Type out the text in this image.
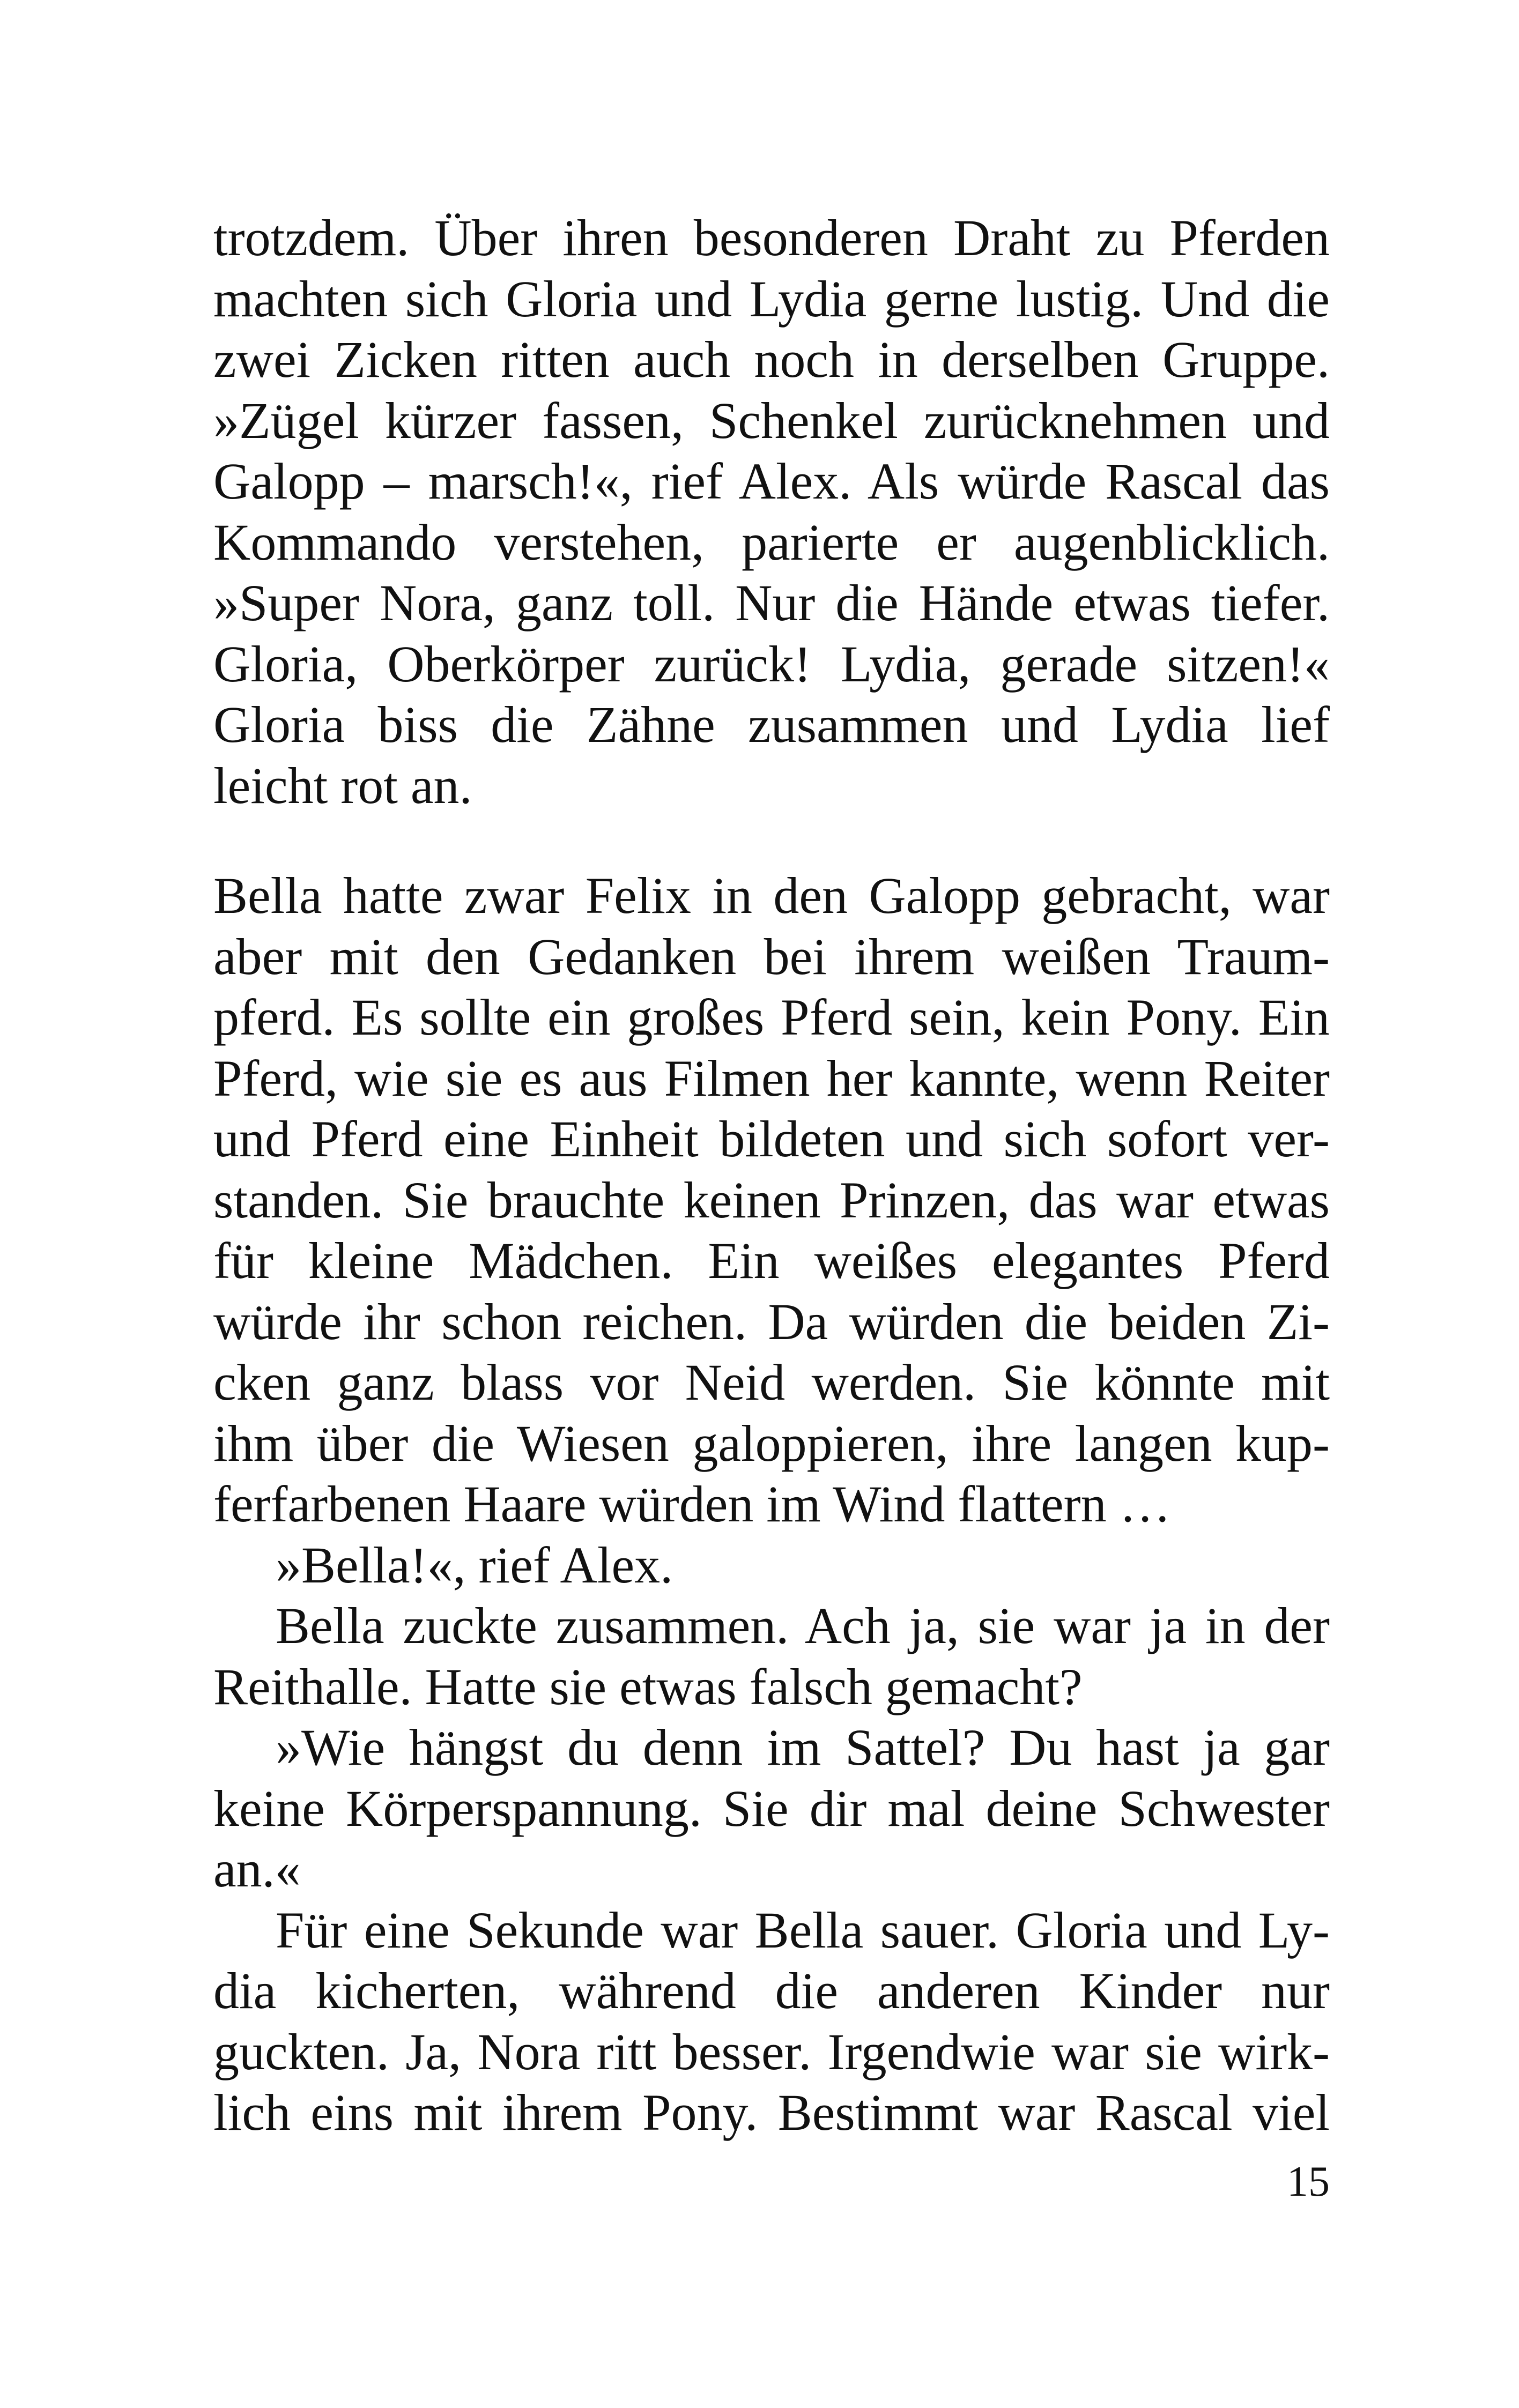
trotzdem. Über ihren besonderen Draht zu Pferden
machten sich Gloria und Lydia gerne lustig. Und die
zwei Zicken ritten auch noch in derselben Gruppe.
»Zügel kürzer fassen, Schenkel zurücknehmen und
Galopp – marsch!«, rief Alex. Als würde Rascal das
Kommando verstehen, parierte er augenblicklich.
»Super Nora, ganz toll. Nur die Hände etwas tiefer.
Gloria, Oberkörper zurück! Lydia, gerade sitzen!«
Gloria biss die Zähne zusammen und Lydia lief
leicht rot an.
Bella hatte zwar Felix in den Galopp gebracht, war
aber mit den Gedanken bei ihrem weißen Traum-
pferd. Es sollte ein großes Pferd sein, kein Pony. Ein
Pferd, wie sie es aus Filmen her kannte, wenn Reiter
und Pferd eine Einheit bildeten und sich sofort ver-
standen. Sie brauchte keinen Prinzen, das war etwas
für kleine Mädchen. Ein weißes elegantes Pferd
würde ihr schon reichen. Da würden die beiden Zi-
cken ganz blass vor Neid werden. Sie könnte mit
ihm über die Wiesen galoppieren, ihre langen kup-
ferfarbenen Haare würden im Wind flattern …
»Bella!«, rief Alex.
Bella zuckte zusammen. Ach ja, sie war ja in der
Reithalle. Hatte sie etwas falsch gemacht?
»Wie hängst du denn im Sattel? Du hast ja gar
keine Körperspannung. Sie dir mal deine Schwester
an.«
Für eine Sekunde war Bella sauer. Gloria und Ly-
dia kicherten, während die anderen Kinder nur
guckten. Ja, Nora ritt besser. Irgendwie war sie wirk-
lich eins mit ihrem Pony. Bestimmt war Rascal viel
15
